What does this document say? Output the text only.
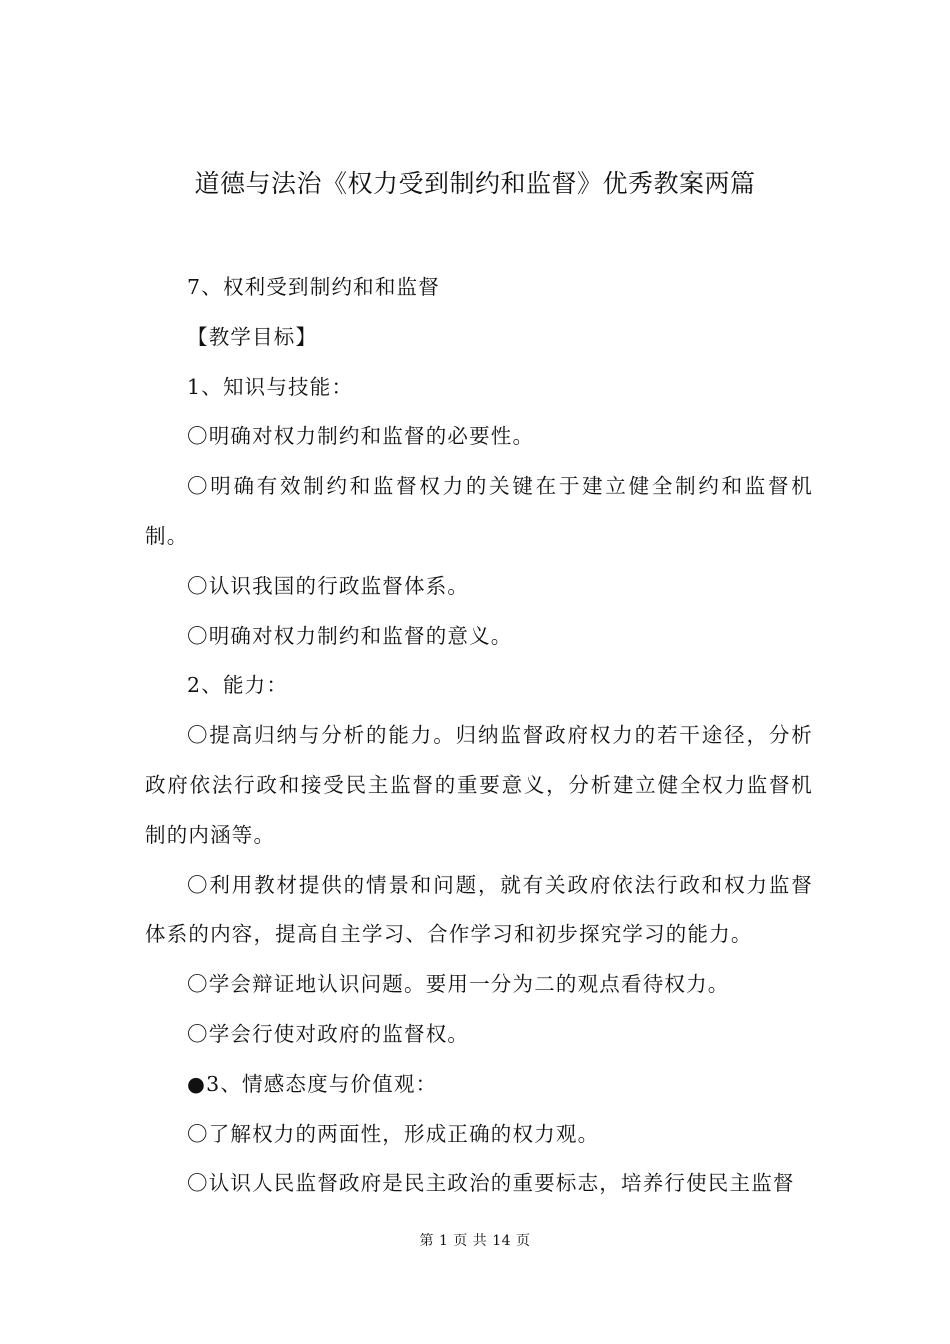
道德与法治《权力受到制约和监督》优秀教案两篇

7、权利受到制约和和监督

【教学目标】

1、知识与技能：

〇明确对权力制约和监督的必要性。

〇明确有效制约和监督权力的关键在于建立健全制约和监督机制。

〇认识我国的行政监督体系。

〇明确对权力制约和监督的意义。

2、能力：

〇提高归纳与分析的能力。归纳监督政府权力的若干途径，分析政府依法行政和接受民主监督的重要意义，分析建立健全权力监督机制的内涵等。

〇利用教材提供的情景和问题，就有关政府依法行政和权力监督体系的内容，提高自主学习、合作学习和初步探究学习的能力。

〇学会辩证地认识问题。要用一分为二的观点看待权力。

〇学会行使对政府的监督权。

●3、情感态度与价值观：

〇了解权力的两面性，形成正确的权力观。

〇认识人民监督政府是民主政治的重要标志，培养行使民主监督

第 1 页 共 14 页
